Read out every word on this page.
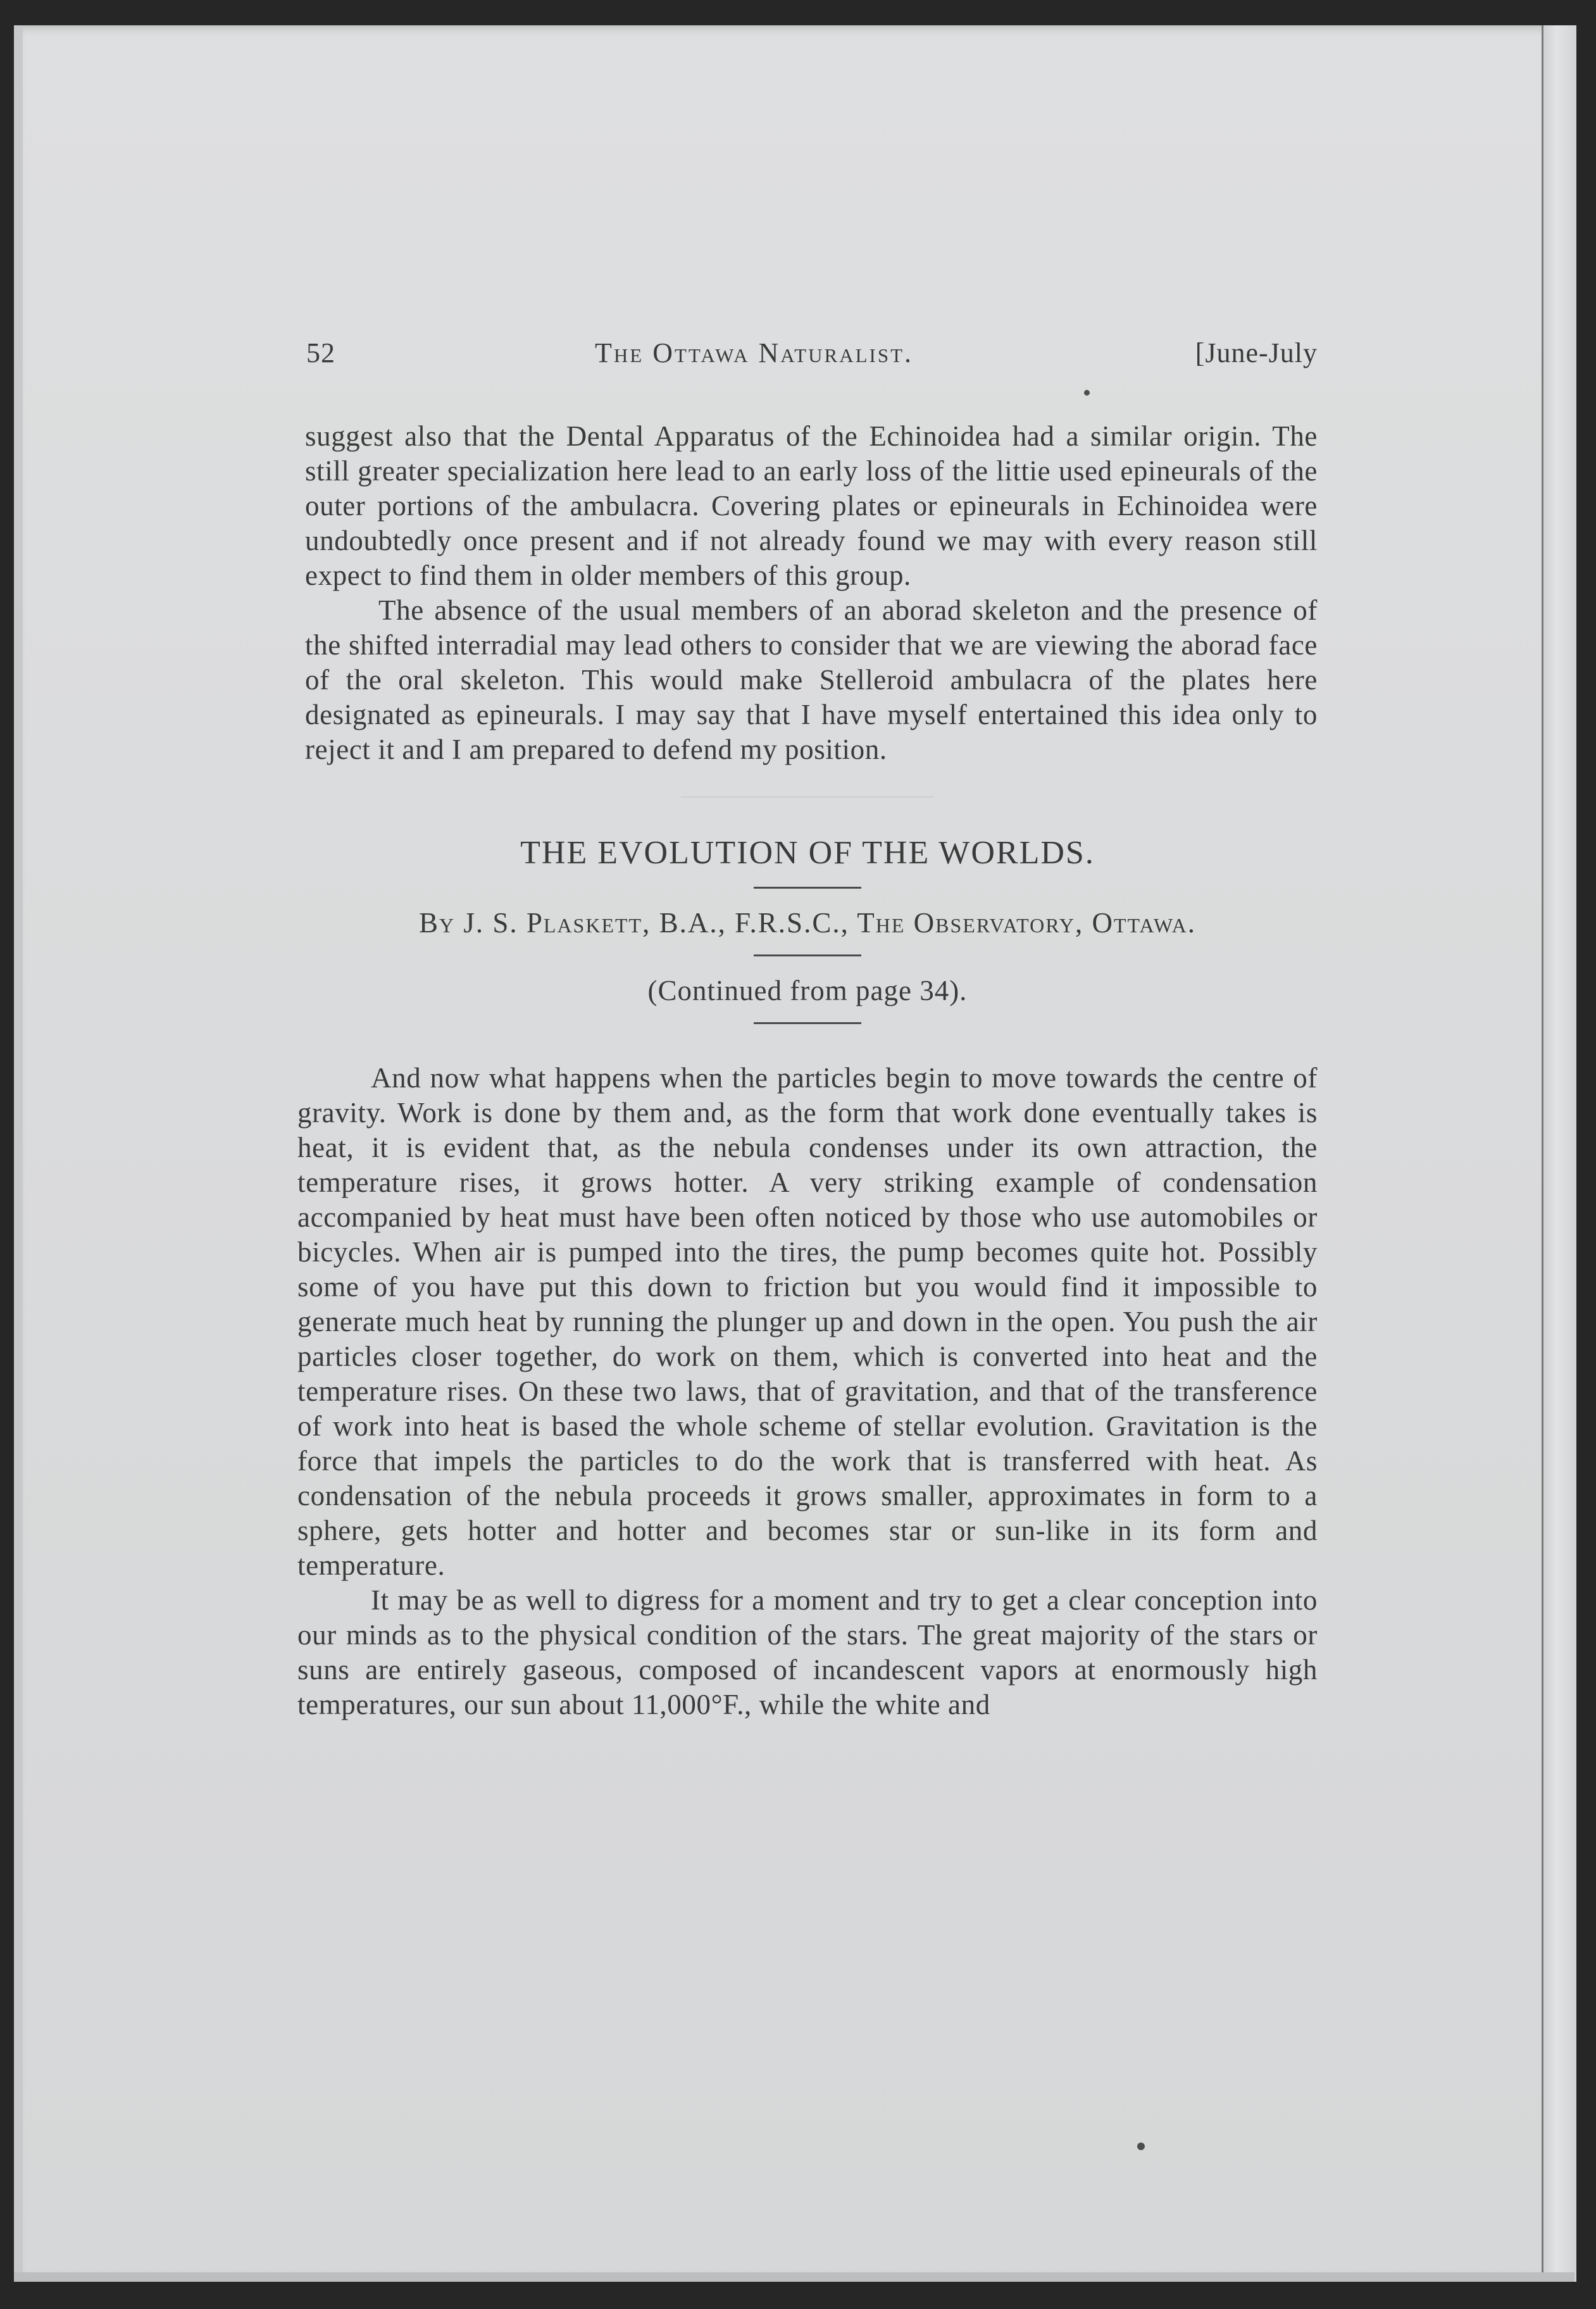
52	The Ottawa Naturalist.	[June-July

suggest also that the Dental Apparatus of the Echinoidea had a similar origin. The still greater specialization here lead to an early loss of the littie used epineurals of the outer portions of the ambulacra. Covering plates or epineurals in Echinoidea were undoubtedly once present and if not already found we may with every reason still expect to find them in older members of this group.

The absence of the usual members of an aborad skeleton and the presence of the shifted interradial may lead others to consider that we are viewing the aborad face of the oral skeleton. This would make Stelleroid ambulacra of the plates here designated as epineurals. I may say that I have myself entertained this idea only to reject it and I am prepared to defend my position.

THE EVOLUTION OF THE WORLDS.
By J. S. Plaskett, B.A., F.R.S.C., The Observatory, Ottawa.
(Continued from page 34).

And now what happens when the particles begin to move towards the centre of gravity. Work is done by them and, as the form that work done eventually takes is heat, it is evident that, as the nebula condenses under its own attraction, the temperature rises, it grows hotter. A very striking example of condensation accompanied by heat must have been often noticed by those who use automobiles or bicycles. When air is pumped into the tires, the pump becomes quite hot. Possibly some of you have put this down to friction but you would find it impossible to generate much heat by running the plunger up and down in the open. You push the air particles closer together, do work on them, which is converted into heat and the temperature rises. On these two laws, that of gravitation, and that of the transference of work into heat is based the whole scheme of stellar evolution. Gravitation is the force that impels the particles to do the work that is transferred with heat. As condensation of the nebula proceeds it grows smaller, approximates in form to a sphere, gets hotter and hotter and becomes star or sun-like in its form and temperature.

It may be as well to digress for a moment and try to get a clear conception into our minds as to the physical condition of the stars. The great majority of the stars or suns are entirely gaseous, composed of incandescent vapors at enormously high temperatures, our sun about 11,000°F., while the white and
